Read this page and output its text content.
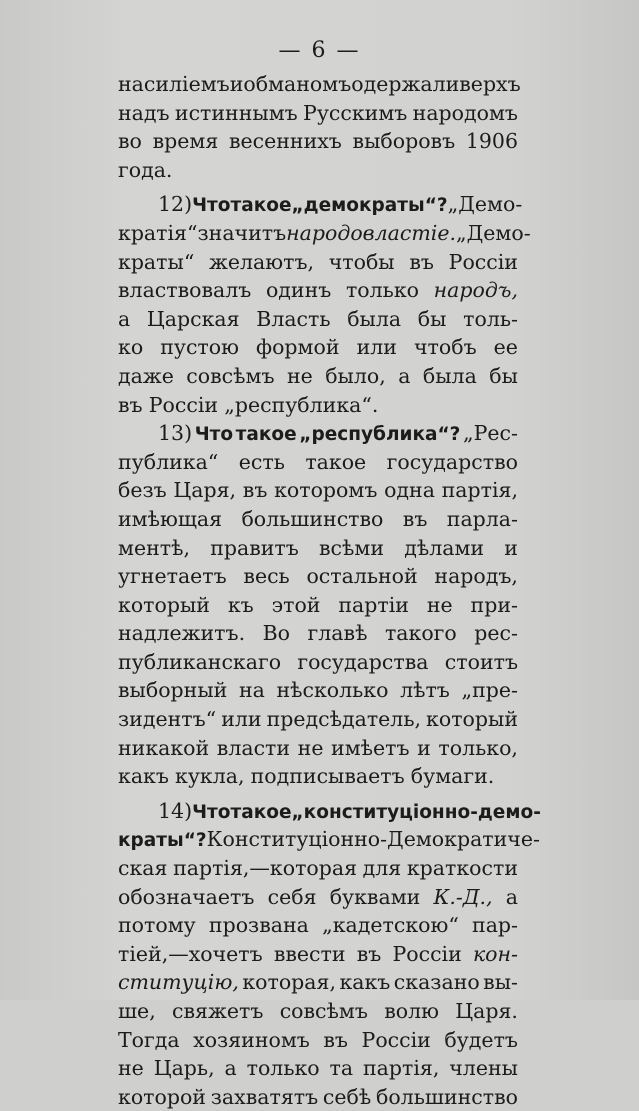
— 6 —
насилiемъ и обманомъ одержали верхъ
надъ истиннымъ Русскимъ народомъ
во время весеннихъ выборовъ 1906
года.
12) Что такое „демократы“? „Демо-
кратiя“ значитъ народовластiе. „Демо-
краты“ желаютъ, чтобы въ Россiи
властвовалъ одинъ только народъ,
а Царская Власть была бы толь-
ко пустою формой или чтобъ ее
даже совсѣмъ не было, а была бы
въ Россiи „республика“.
13) Что такое „республика“? „Рес-
публика“ есть такое государство
безъ Царя, въ которомъ одна партiя,
имѣющая большинство въ парла-
ментѣ, правитъ всѣми дѣлами и
угнетаетъ весь остальной народъ,
который къ этой партiи не при-
надлежитъ. Во главѣ такого рес-
публиканскаго государства стоитъ
выборный на нѣсколько лѣтъ „пре-
зидентъ“ или предсѣдатель, который
никакой власти не имѣетъ и только,
какъ кукла, подписываетъ бумаги.
14) Что такое „конституцiонно-демо-
краты“? Конституцiонно-Демократиче-
ская партiя,—которая для краткости
обозначаетъ себя буквами К.-Д., а
потому прозвана „кадетскою“ пар-
тiей,—хочетъ ввести въ Россiи кон-
ституцiю, которая, какъ сказано вы-
ше, свяжетъ совсѣмъ волю Царя.
Тогда хозяиномъ въ Россiи будетъ
не Царь, а только та партiя, члены
которой захватятъ себѣ большинство
